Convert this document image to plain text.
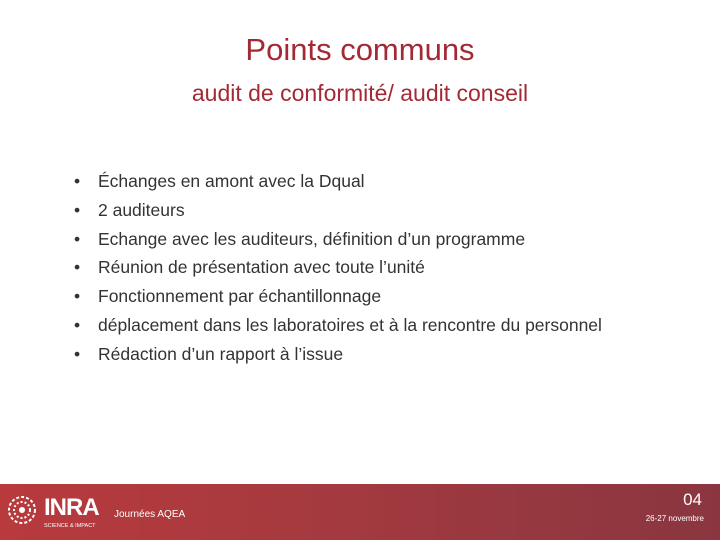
Points communs
audit de conformité/ audit conseil
• Échanges en amont avec la Dqual
• 2 auditeurs
• Echange avec les auditeurs, définition d’un programme
• Réunion de présentation avec toute l’unité
• Fonctionnement par échantillonnage
• déplacement dans les laboratoires et à la rencontre du personnel
• Rédaction d’un rapport à l’issue
INRA
SCIENCE & IMPACT
Journées AQEA
04
26-27 novembre
